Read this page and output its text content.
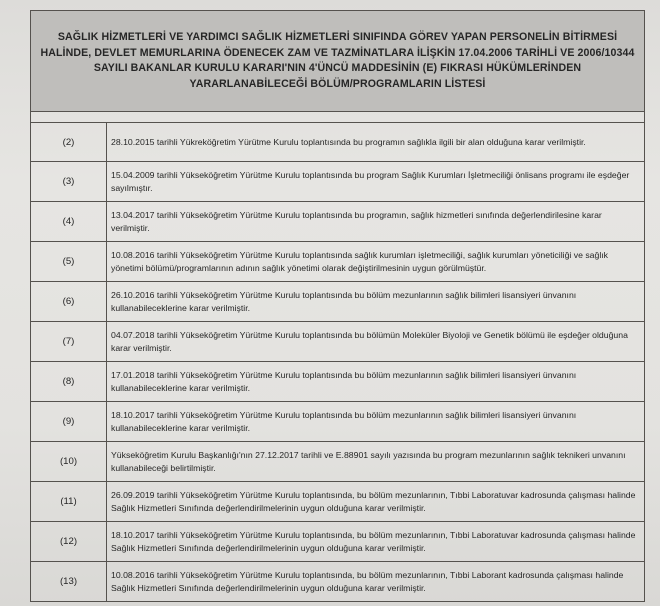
SAĞLIK HİZMETLERİ VE YARDIMCI SAĞLIK HİZMETLERİ SINIFINDA GÖREV YAPAN PERSONELİN BİTİRMESİ HALİNDE, DEVLET MEMURLARINA ÖDENECEK ZAM VE TAZMİNATLARA İLİŞKİN 17.04.2006 TARİHLİ VE 2006/10344 SAYILI BAKANLAR KURULU KARARI'NIN 4'ÜNCÜ MADDESİNİN (E) FIKRASI HÜKÜMLERİNDEN YARARLANABİLECEĞİ BÖLÜM/PROGRAMLARIN LİSTESİ	

(2)	28.10.2015 tarihli Yükreköğretim Yürütme Kurulu toplantısında bu programın sağlıkla ilgili bir alan olduğuna karar verilmiştir.
(3)	15.04.2009 tarihli Yükseköğretim Yürütme Kurulu toplantısında bu program Sağlık Kurumları İşletmeciliği önlisans programı ile eşdeğer sayılmıştır.
(4)	13.04.2017 tarihli Yükseköğretim Yürütme Kurulu toplantısında bu programın, sağlık hizmetleri sınıfında değerlendirilesine karar verilmiştir.
(5)	10.08.2016 tarihli Yükseköğretim Yürütme Kurulu toplantısında sağlık kurumları işletmeciliği, sağlık kurumları yöneticiliği ve sağlık yönetimi bölümü/programlarının adının sağlık yönetimi olarak değiştirilmesinin uygun görülmüştür.
(6)	26.10.2016 tarihli Yükseköğretim Yürütme Kurulu toplantısında bu bölüm mezunlarının sağlık bilimleri lisansiyeri ünvanını kullanabileceklerine karar verilmiştir.
(7)	04.07.2018 tarihli Yükseköğretim Yürütme Kurulu toplantısında bu bölümün Moleküler Biyoloji ve Genetik bölümü ile eşdeğer olduğuna karar verilmiştir.
(8)	17.01.2018 tarihli Yükseköğretim Yürütme Kurulu toplantısında bu bölüm mezunlarının sağlık bilimleri lisansiyeri ünvanını kullanabileceklerine karar verilmiştir.
(9)	18.10.2017 tarihli Yükseköğretim Yürütme Kurulu toplantısında bu bölüm mezunlarının sağlık bilimleri lisansiyeri ünvanını kullanabileceklerine karar verilmiştir.
(10)	Yükseköğretim Kurulu Başkanlığı'nın 27.12.2017 tarihli ve E.88901 sayılı yazısında bu program mezunlarının sağlık teknikeri unvanını kullanabileceği belirtilmiştir.
(11)	26.09.2019 tarihli Yükseköğretim Yürütme Kurulu toplantısında, bu bölüm mezunlarının, Tıbbi Laboratuvar kadrosunda çalışması halinde Sağlık Hizmetleri Sınıfında değerlendirilmelerinin uygun olduğuna karar verilmiştir.
(12)	18.10.2017 tarihli Yükseköğretim Yürütme Kurulu toplantısında, bu bölüm mezunlarının, Tıbbi Laboratuvar kadrosunda çalışması halinde Sağlık Hizmetleri Sınıfında değerlendirilmelerinin uygun olduğuna karar verilmiştir.
(13)	10.08.2016 tarihli Yükseköğretim Yürütme Kurulu toplantısında, bu bölüm mezunlarının, Tıbbi Laborant kadrosunda çalışması halinde Sağlık Hizmetleri Sınıfında değerlendirilmelerinin uygun olduğuna karar verilmiştir.
